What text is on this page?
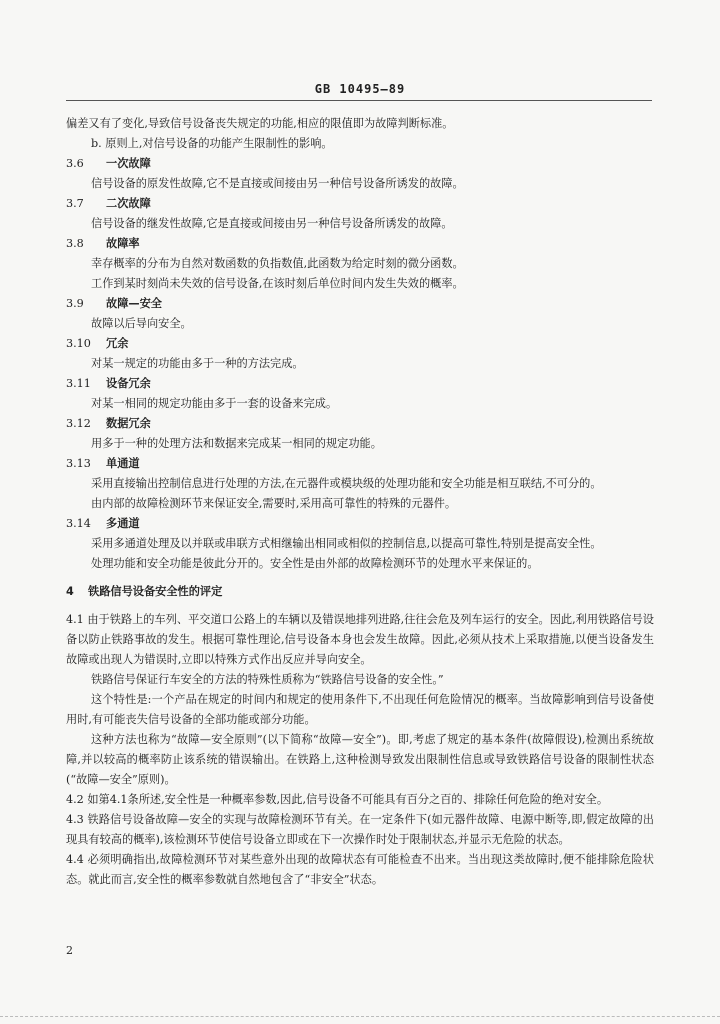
GB 10495—89

偏差又有了变化,导致信号设备丧失规定的功能,相应的限值即为故障判断标准。

b. 原则上,对信号设备的功能产生限制性的影响。

3.6 一次故障

信号设备的原发性故障,它不是直接或间接由另一种信号设备所诱发的故障。

3.7 二次故障

信号设备的继发性故障,它是直接或间接由另一种信号设备所诱发的故障。

3.8 故障率

幸存概率的分布为自然对数函数的负指数值,此函数为给定时刻的微分函数。

工作到某时刻尚未失效的信号设备,在该时刻后单位时间内发生失效的概率。

3.9 故障—安全

故障以后导向安全。

3.10 冗余

对某一规定的功能由多于一种的方法完成。

3.11 设备冗余

对某一相同的规定功能由多于一套的设备来完成。

3.12 数据冗余

用多于一种的处理方法和数据来完成某一相同的规定功能。

3.13 单通道

采用直接输出控制信息进行处理的方法,在元器件或模块级的处理功能和安全功能是相互联结,不可分的。

由内部的故障检测环节来保证安全,需要时,采用高可靠性的特殊的元器件。

3.14 多通道

采用多通道处理及以并联或串联方式相继输出相同或相似的控制信息,以提高可靠性,特别是提高安全性。

处理功能和安全功能是彼此分开的。安全性是由外部的故障检测环节的处理水平来保证的。

4 铁路信号设备安全性的评定

4.1 由于铁路上的车列、平交道口公路上的车辆以及错误地排列进路,往往会危及列车运行的安全。因此,利用铁路信号设备以防止铁路事故的发生。根据可靠性理论,信号设备本身也会发生故障。因此,必须从技术上采取措施,以便当设备发生故障或出现人为错误时,立即以特殊方式作出反应并导向安全。

铁路信号保证行车安全的方法的特殊性质称为“铁路信号设备的安全性。”

这个特性是:一个产品在规定的时间内和规定的使用条件下,不出现任何危险情况的概率。当故障影响到信号设备使用时,有可能丧失信号设备的全部功能或部分功能。

这种方法也称为“故障—安全原则”(以下简称“故障—安全”)。即,考虑了规定的基本条件(故障假设),检测出系统故障,并以较高的概率防止该系统的错误输出。在铁路上,这种检测导致发出限制性信息或导致铁路信号设备的限制性状态(“故障—安全”原则)。

4.2 如第4.1条所述,安全性是一种概率参数,因此,信号设备不可能具有百分之百的、排除任何危险的绝对安全。

4.3 铁路信号设备故障—安全的实现与故障检测环节有关。在一定条件下(如元器件故障、电源中断等,即,假定故障的出现具有较高的概率),该检测环节使信号设备立即或在下一次操作时处于限制状态,并显示无危险的状态。

4.4 必须明确指出,故障检测环节对某些意外出现的故障状态有可能检查不出来。当出现这类故障时,便不能排除危险状态。就此而言,安全性的概率参数就自然地包含了“非安全”状态。

2
